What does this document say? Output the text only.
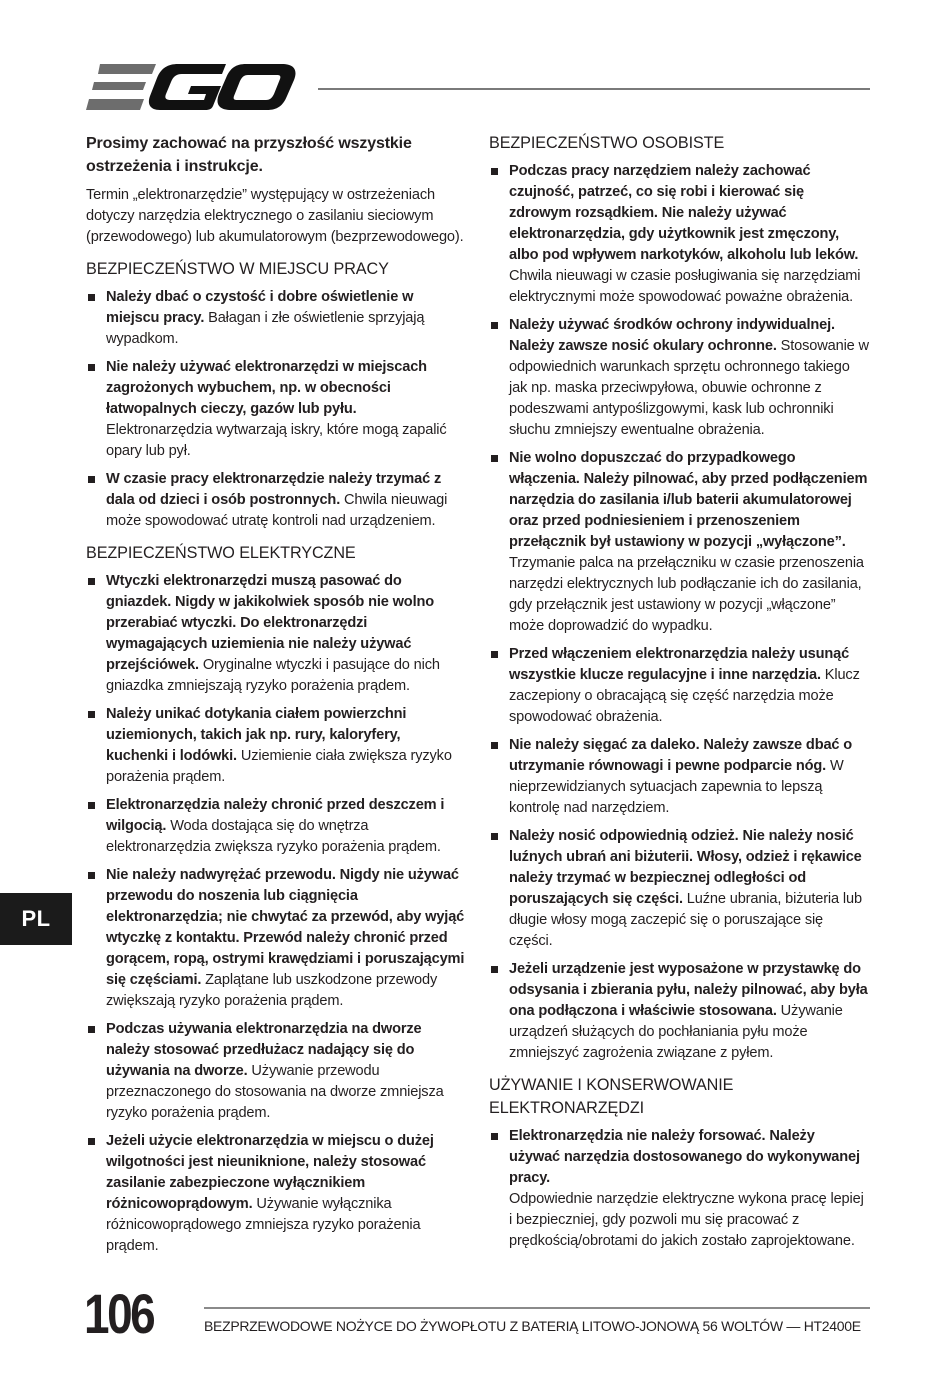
Prosimy zachować na przyszłość wszystkie ostrzeżenia i instrukcje.

Termin „elektronarzędzie” występujący w ostrzeżeniach dotyczy narzędzia elektrycznego o zasilaniu sieciowym (przewodowego) lub akumulatorowym (bezprzewodowego).

BEZPIECZEŃSTWO W MIEJSCU PRACY
Należy dbać o czystość i dobre oświetlenie w miejscu pracy. Bałagan i złe oświetlenie sprzyjają wypadkom.
Nie należy używać elektronarzędzi w miejscach zagrożonych wybuchem, np. w obecności łatwopalnych cieczy, gazów lub pyłu. Elektronarzędzia wytwarzają iskry, które mogą zapalić opary lub pył.
W czasie pracy elektronarzędzie należy trzymać z dala od dzieci i osób postronnych. Chwila nieuwagi może spowodować utratę kontroli nad urządzeniem.
BEZPIECZEŃSTWO ELEKTRYCZNE
Wtyczki elektronarzędzi muszą pasować do gniazdek. Nigdy w jakikolwiek sposób nie wolno przerabiać wtyczki. Do elektronarzędzi wymagających uziemienia nie należy używać przejściówek. Oryginalne wtyczki i pasujące do nich gniazdka zmniejszają ryzyko porażenia prądem.
Należy unikać dotykania ciałem powierzchni uziemionych, takich jak np. rury, kaloryfery, kuchenki i lodówki. Uziemienie ciała zwiększa ryzyko porażenia prądem.
Elektronarzędzia należy chronić przed deszczem i wilgocią. Woda dostająca się do wnętrza elektronarzędzia zwiększa ryzyko porażenia prądem.
Nie należy nadwyrężać przewodu. Nigdy nie używać przewodu do noszenia lub ciągnięcia elektronarzędzia; nie chwytać za przewód, aby wyjąć wtyczkę z kontaktu. Przewód należy chronić przed gorącem, ropą, ostrymi krawędziami i poruszającymi się częściami. Zaplątane lub uszkodzone przewody zwiększają ryzyko porażenia prądem.
Podczas używania elektronarzędzia na dworze należy stosować przedłużacz nadający się do używania na dworze. Używanie przewodu przeznaczonego do stosowania na dworze zmniejsza ryzyko porażenia prądem.
Jeżeli użycie elektronarzędzia w miejscu o dużej wilgotności jest nieuniknione, należy stosować zasilanie zabezpieczone wyłącznikiem różnicowoprądowym. Używanie wyłącznika różnicowoprądowego zmniejsza ryzyko porażenia prądem.
BEZPIECZEŃSTWO OSOBISTE
Podczas pracy narzędziem należy zachować czujność, patrzeć, co się robi i kierować się zdrowym rozsądkiem. Nie należy używać elektronarzędzia, gdy użytkownik jest zmęczony, albo pod wpływem narkotyków, alkoholu lub leków. Chwila nieuwagi w czasie posługiwania się narzędziami elektrycznymi może spowodować poważne obrażenia.
Należy używać środków ochrony indywidualnej. Należy zawsze nosić okulary ochronne. Stosowanie w odpowiednich warunkach sprzętu ochronnego takiego jak np. maska przeciwpyłowa, obuwie ochronne z podeszwami antypoślizgowymi, kask lub ochronniki słuchu zmniejszy ewentualne obrażenia.
Nie wolno dopuszczać do przypadkowego włączenia. Należy pilnować, aby przed podłączeniem narzędzia do zasilania i/lub baterii akumulatorowej oraz przed podniesieniem i przenoszeniem przełącznik był ustawiony w pozycji „wyłączone”. Trzymanie palca na przełączniku w czasie przenoszenia narzędzi elektrycznych lub podłączanie ich do zasilania, gdy przełącznik jest ustawiony w pozycji „włączone” może doprowadzić do wypadku.
Przed włączeniem elektronarzędzia należy usunąć wszystkie klucze regulacyjne i inne narzędzia. Klucz zaczepiony o obracającą się część narzędzia może spowodować obrażenia.
Nie należy sięgać za daleko. Należy zawsze dbać o utrzymanie równowagi i pewne podparcie nóg. W nieprzewidzianych sytuacjach zapewnia to lepszą kontrolę nad narzędziem.
Należy nosić odpowiednią odzież. Nie należy nosić luźnych ubrań ani biżuterii. Włosy, odzież i rękawice należy trzymać w bezpiecznej odległości od poruszających się części. Luźne ubrania, biżuteria lub długie włosy mogą zaczepić się o poruszające się części.
Jeżeli urządzenie jest wyposażone w przystawkę do odsysania i zbierania pyłu, należy pilnować, aby była ona podłączona i właściwie stosowana. Używanie urządzeń służących do pochłaniania pyłu może zmniejszyć zagrożenia związane z pyłem.
UŻYWANIE I KONSERWOWANIE ELEKTRONARZĘDZI
Elektronarzędzia nie należy forsować. Należy używać narzędzia dostosowanego do wykonywanej pracy.
Odpowiednie narzędzie elektryczne wykona pracę lepiej i bezpieczniej, gdy pozwoli mu się pracować z prędkością/obrotami do jakich zostało zaprojektowane.
PL
106	BEZPRZEWODOWE NOŻYCE DO ŻYWOPŁOTU Z BATERIĄ LITOWO-JONOWĄ 56 WOLTÓW — HT2400E
